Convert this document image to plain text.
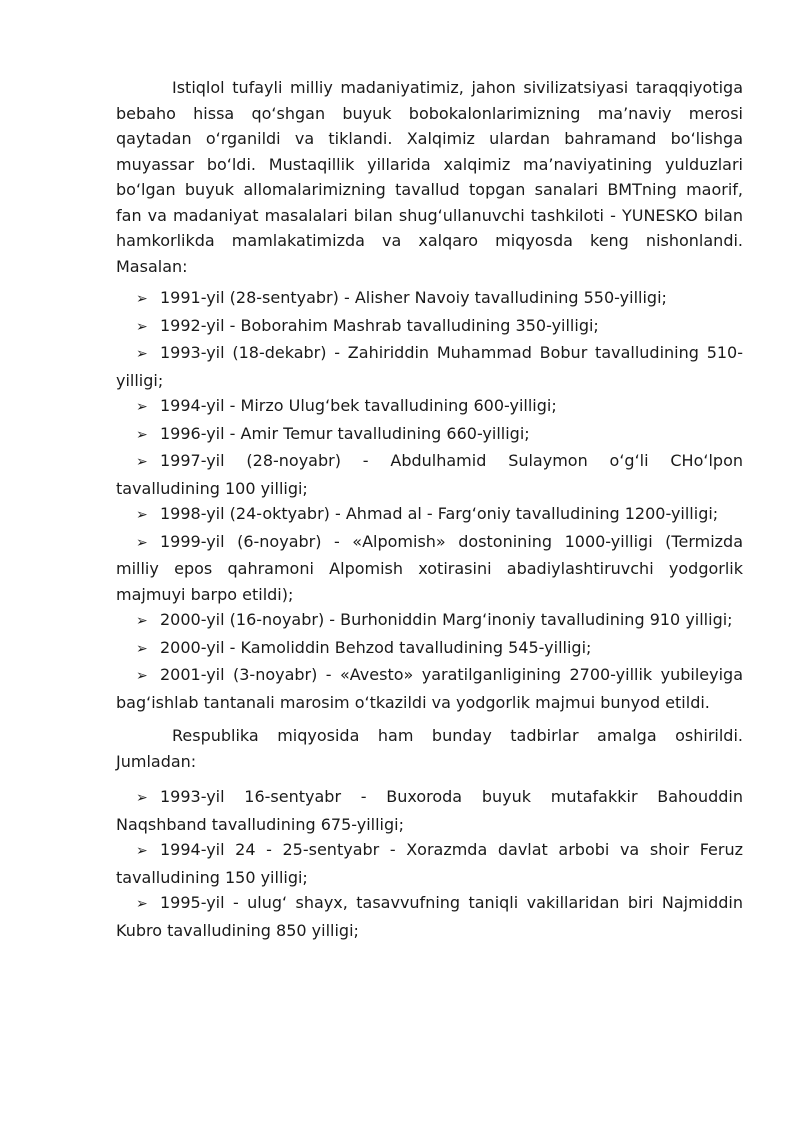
Istiqlol tufayli milliy madaniyatimiz, jahon sivilizatsiyasi taraqqiyotiga bebaho hissa qo‘shgan buyuk bobokalonlarimizning ma’naviy merosi qaytadan o‘rganildi va tiklandi. Xalqimiz ulardan bahramand bo‘lishga muyassar bo‘ldi. Mustaqillik yillarida xalqimiz ma’naviyatining yulduzlari bo‘lgan buyuk allomalarimizning tavallud topgan sanalari BMTning maorif, fan va madaniyat masalalari bilan shug‘ullanuvchi tashkiloti - YUNESKO bilan hamkorlikda mamlakatimizda va xalqaro miqyosda keng nishonlandi. Masalan:

➢ 1991-yil (28-sentyabr) - Alisher Navoiy tavalludining 550-yilligi;
➢ 1992-yil - Boborahim Mashrab tavalludining 350-yilligi;
➢ 1993-yil (18-dekabr) - Zahiriddin Muhammad Bobur tavalludining 510-yilligi;
➢ 1994-yil - Mirzo Ulug‘bek tavalludining 600-yilligi;
➢ 1996-yil - Amir Temur tavalludining 660-yilligi;
➢ 1997-yil (28-noyabr) - Abdulhamid Sulaymon o‘g‘li CHo‘lpon tavalludining 100 yilligi;
➢ 1998-yil (24-oktyabr) - Ahmad al - Farg‘oniy tavalludining 1200-yilligi;
➢ 1999-yil (6-noyabr) - «Alpomish» dostonining 1000-yilligi (Termizda milliy epos qahramoni Alpomish xotirasini abadiylashtiruvchi yodgorlik majmuyi barpo etildi);
➢ 2000-yil (16-noyabr) - Burhoniddin Marg‘inoniy tavalludining 910 yilligi;
➢ 2000-yil - Kamoliddin Behzod tavalludining 545-yilligi;
➢ 2001-yil (3-noyabr) - «Avesto» yaratilganligining 2700-yillik yubileyiga bag‘ishlab tantanali marosim o‘tkazildi va yodgorlik majmui bunyod etildi.

Respublika miqyosida ham bunday tadbirlar amalga oshirildi. Jumladan:

➢ 1993-yil 16-sentyabr - Buxoroda buyuk mutafakkir Bahouddin Naqshband tavalludining 675-yilligi;
➢ 1994-yil 24 - 25-sentyabr - Xorazmda davlat arbobi va shoir Feruz tavalludining 150 yilligi;
➢ 1995-yil - ulug‘ shayx, tasavvufning taniqli vakillaridan biri Najmiddin Kubro tavalludining 850 yilligi;
